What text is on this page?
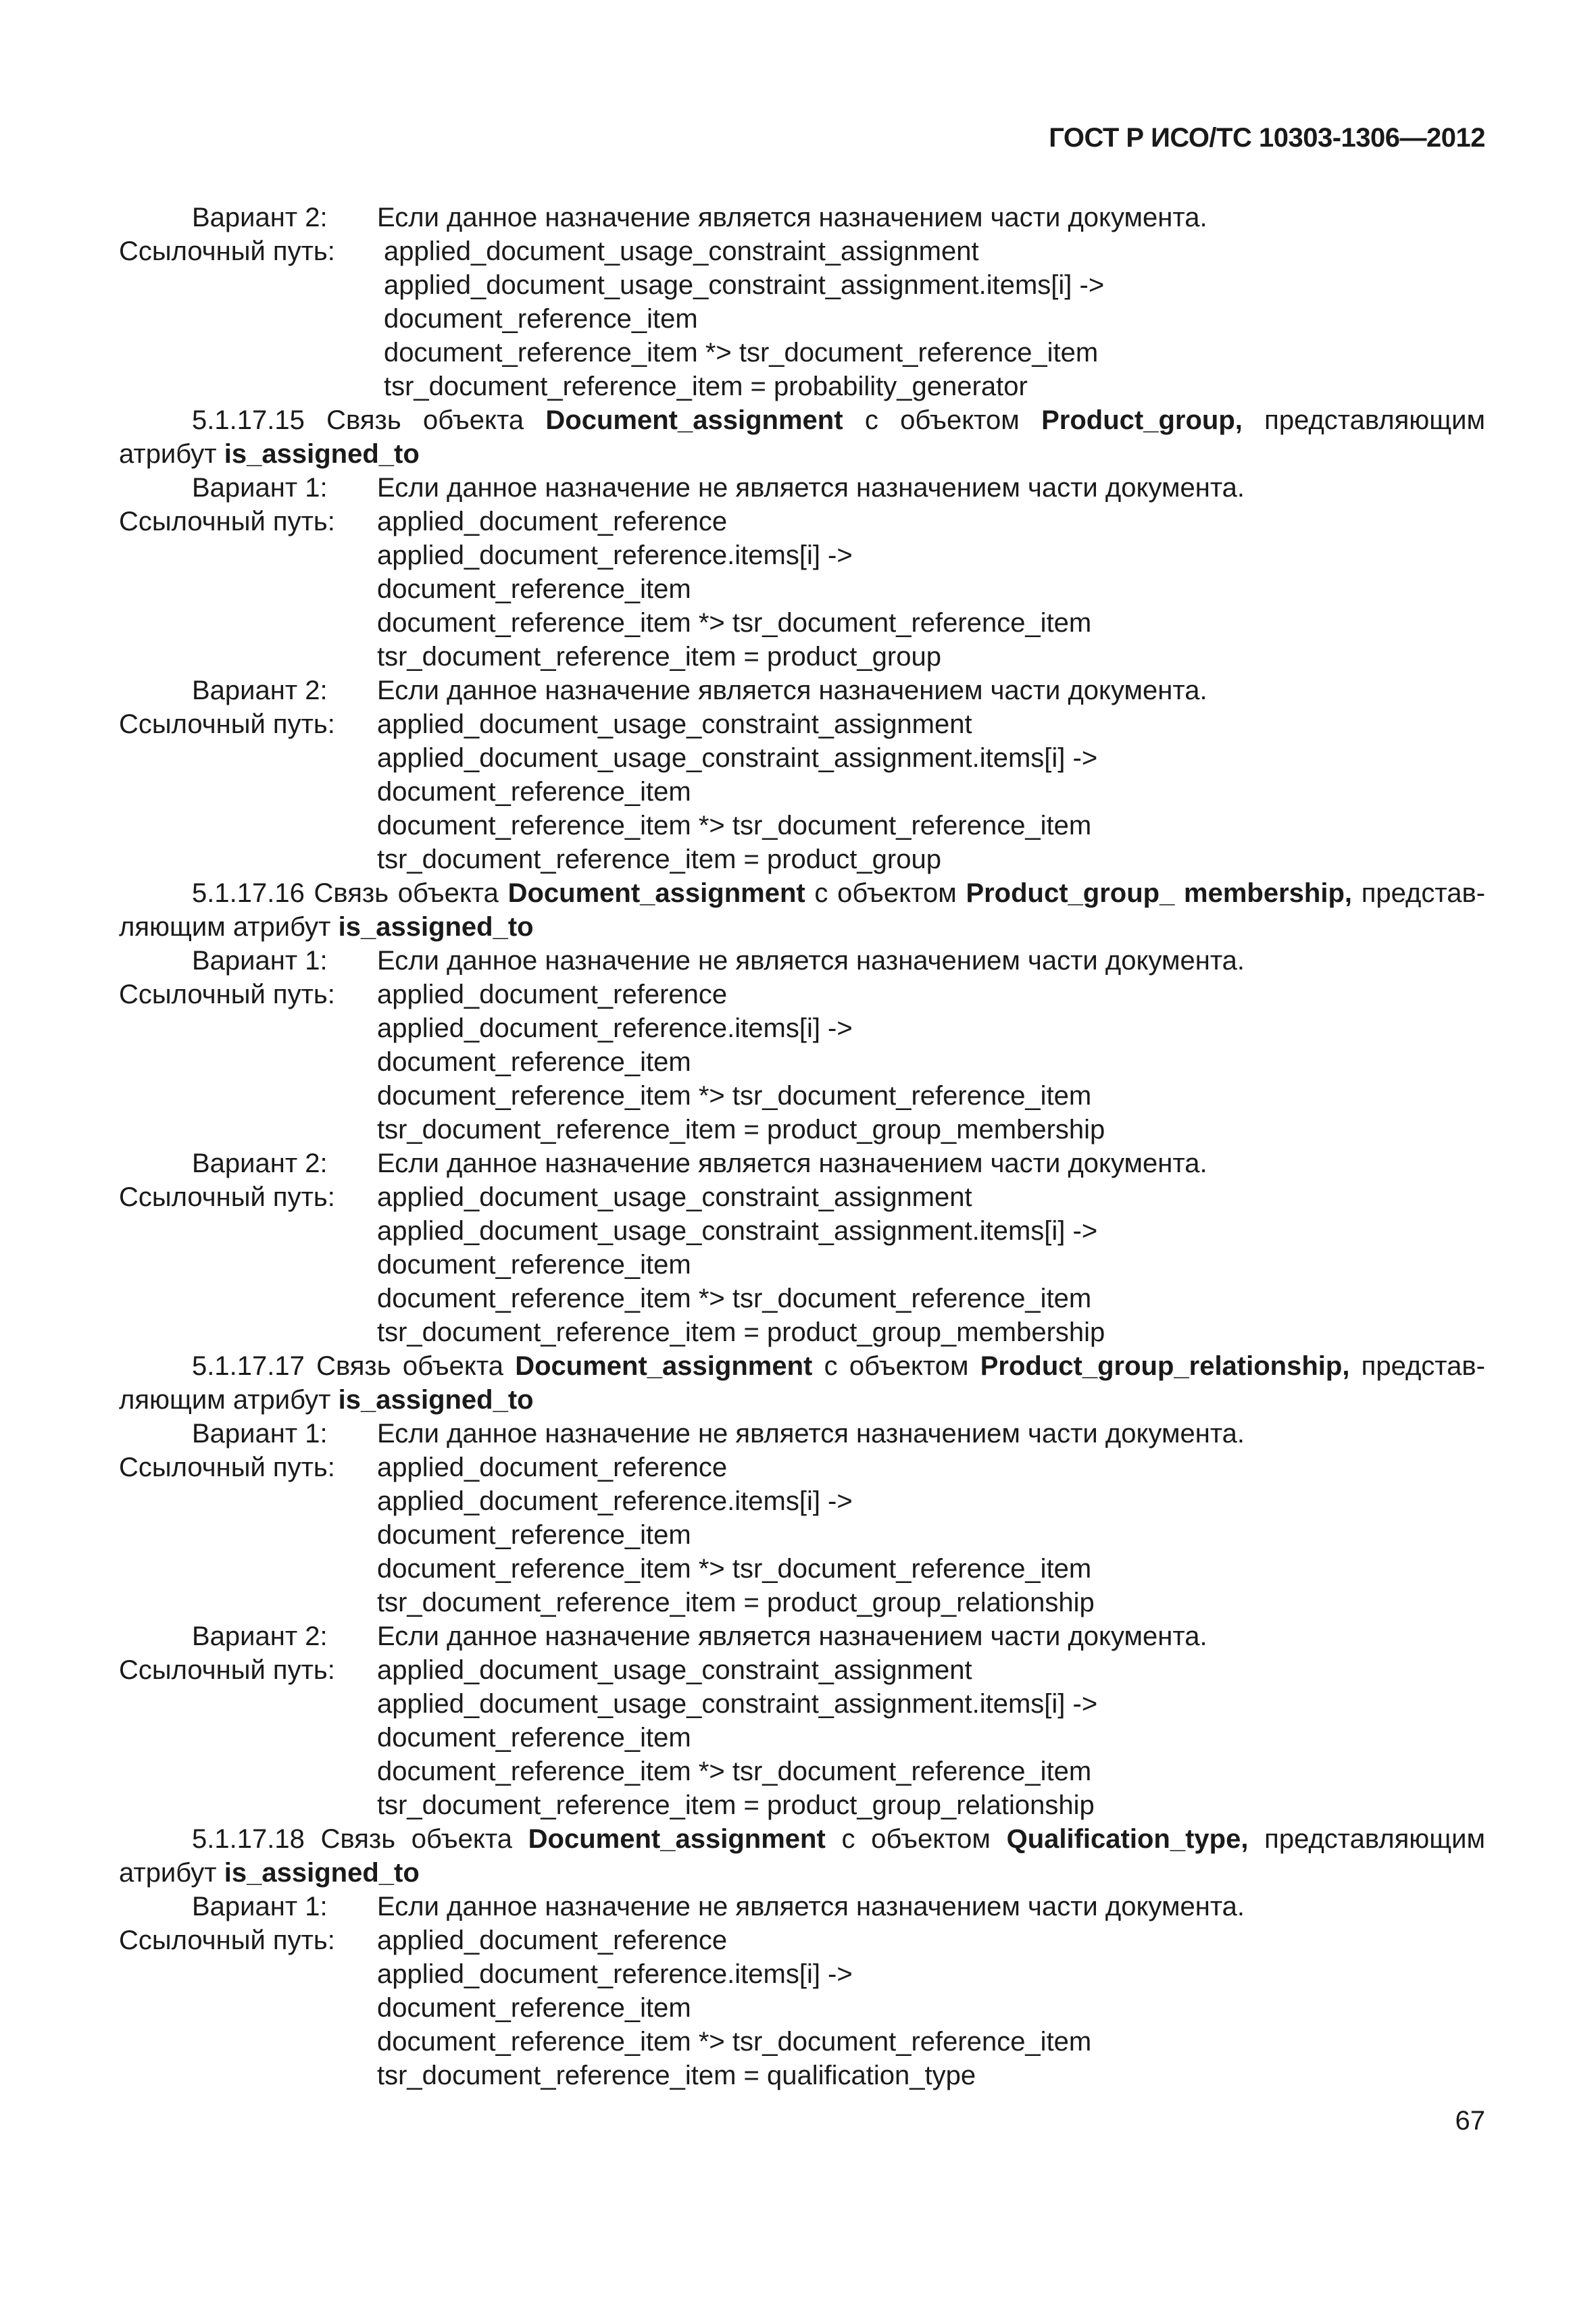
ГОСТ Р ИСО/ТС 10303-1306—2012
Вариант 2: Если данное назначение является назначением части документа.
Ссылочный путь: applied_document_usage_constraint_assignment
applied_document_usage_constraint_assignment.items[i] ->
document_reference_item
document_reference_item *> tsr_document_reference_item
tsr_document_reference_item = probability_generator
5.1.17.15 Связь объекта Document_assignment с объектом Product_group, представляющим
атрибут is_assigned_to
Вариант 1: Если данное назначение не является назначением части документа.
Ссылочный путь: applied_document_reference
applied_document_reference.items[i] ->
document_reference_item
document_reference_item *> tsr_document_reference_item
tsr_document_reference_item = product_group
Вариант 2: Если данное назначение является назначением части документа.
Ссылочный путь: applied_document_usage_constraint_assignment
applied_document_usage_constraint_assignment.items[i] ->
document_reference_item
document_reference_item *> tsr_document_reference_item
tsr_document_reference_item = product_group
5.1.17.16 Связь объекта Document_assignment с объектом Product_group_ membership, представ-
ляющим атрибут is_assigned_to
Вариант 1: Если данное назначение не является назначением части документа.
Ссылочный путь: applied_document_reference
applied_document_reference.items[i] ->
document_reference_item
document_reference_item *> tsr_document_reference_item
tsr_document_reference_item = product_group_membership
Вариант 2: Если данное назначение является назначением части документа.
Ссылочный путь: applied_document_usage_constraint_assignment
applied_document_usage_constraint_assignment.items[i] ->
document_reference_item
document_reference_item *> tsr_document_reference_item
tsr_document_reference_item = product_group_membership
5.1.17.17 Связь объекта Document_assignment с объектом Product_group_relationship, представ-
ляющим атрибут is_assigned_to
Вариант 1: Если данное назначение не является назначением части документа.
Ссылочный путь: applied_document_reference
applied_document_reference.items[i] ->
document_reference_item
document_reference_item *> tsr_document_reference_item
tsr_document_reference_item = product_group_relationship
Вариант 2: Если данное назначение является назначением части документа.
Ссылочный путь: applied_document_usage_constraint_assignment
applied_document_usage_constraint_assignment.items[i] ->
document_reference_item
document_reference_item *> tsr_document_reference_item
tsr_document_reference_item = product_group_relationship
5.1.17.18 Связь объекта Document_assignment с объектом Qualification_type, представляющим
атрибут is_assigned_to
Вариант 1: Если данное назначение не является назначением части документа.
Ссылочный путь: applied_document_reference
applied_document_reference.items[i] ->
document_reference_item
document_reference_item *> tsr_document_reference_item
tsr_document_reference_item = qualification_type
67
